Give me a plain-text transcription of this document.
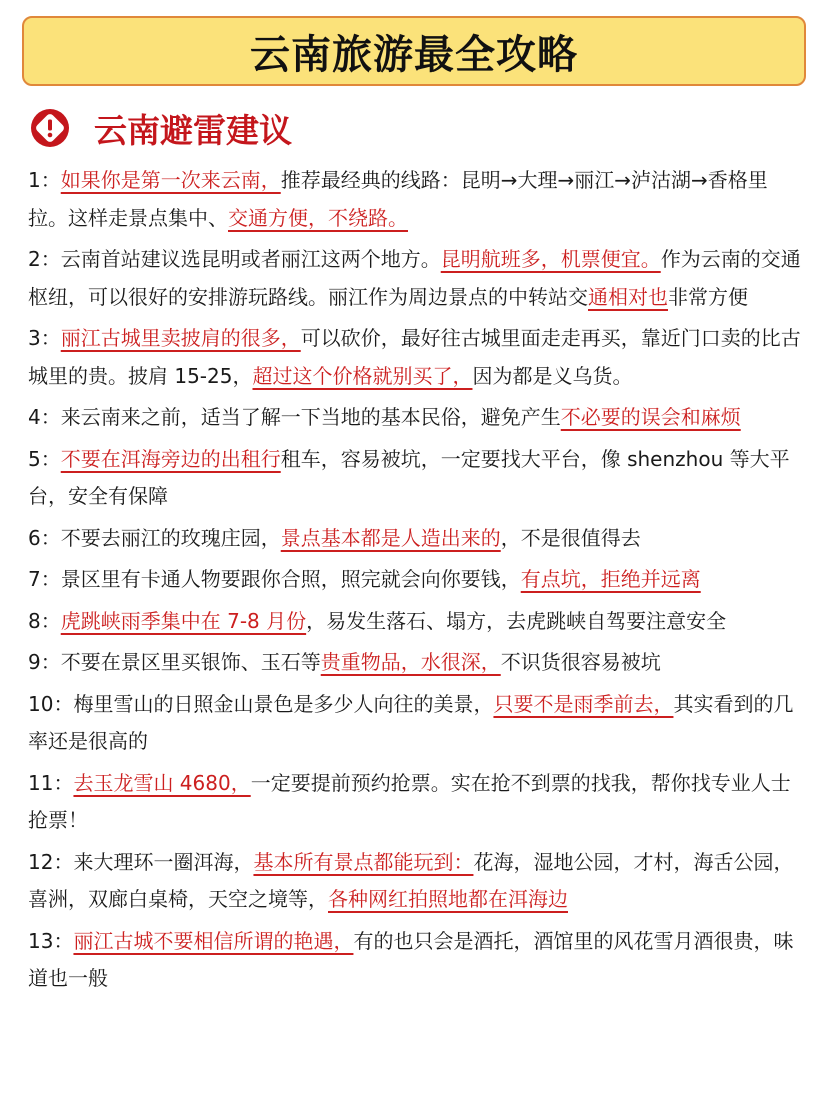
云南旅游最全攻略
云南避雷建议
1：如果你是第一次来云南，推荐最经典的线路：昆明→大理→丽江→泸沽湖→香格里拉。这样走景点集中、交通方便，不绕路。
2：云南首站建议选昆明或者丽江这两个地方。昆明航班多，机票便宜。作为云南的交通枢纽，可以很好的安排游玩路线。丽江作为周边景点的中转站交通相对也非常方便
3：丽江古城里卖披肩的很多，可以砍价，最好往古城里面走走再买，靠近门口卖的比古城里的贵。披肩 15-25，超过这个价格就别买了，因为都是义乌货。
4：来云南来之前，适当了解一下当地的基本民俗，避免产生不必要的误会和麻烦
5：不要在洱海旁边的出租行租车，容易被坑，一定要找大平台，像 shenzhou 等大平台，安全有保障
6：不要去丽江的玫瑰庄园，景点基本都是人造出来的，不是很值得去
7：景区里有卡通人物要跟你合照，照完就会向你要钱，有点坑，拒绝并远离
8：虎跳峡雨季集中在 7-8 月份，易发生落石、塌方，去虎跳峡自驾要注意安全
9：不要在景区里买银饰、玉石等贵重物品，水很深，不识货很容易被坑
10：梅里雪山的日照金山景色是多少人向往的美景，只要不是雨季前去，其实看到的几率还是很高的
11：去玉龙雪山 4680，一定要提前预约抢票。实在抢不到票的找我，帮你找专业人士抢票！
12：来大理环一圈洱海，基本所有景点都能玩到：花海，湿地公园，才村，海舌公园，喜洲，双廊白桌椅，天空之境等，各种网红拍照地都在洱海边
13：丽江古城不要相信所谓的艳遇，有的也只会是酒托，酒馆里的风花雪月酒很贵，味道也一般
